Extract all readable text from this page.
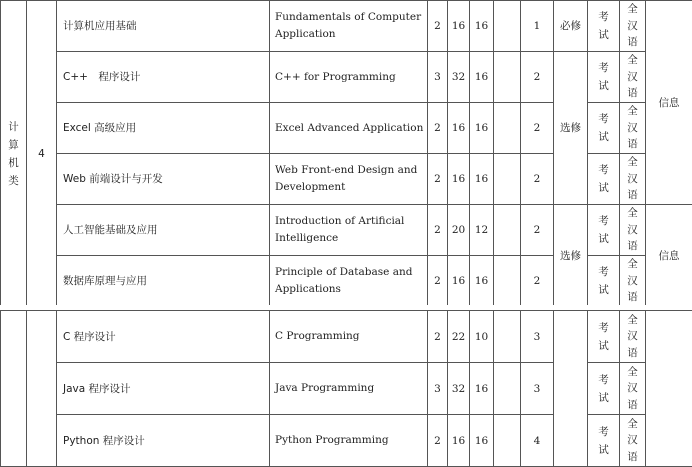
计算机类	4	计算机应用基础	Fundamentals of Computer Application	2	16	16		1	必修	考试	全汉语	信息
		C++　程序设计	C++ for Programming	3	32	16		2	选修	考试	全汉语	

		Excel 高级应用	Excel Advanced Application	2	16	16		2		考试	全汉语	

		Web 前端设计与开发	Web Front-end Design and Development	2	16	16		2		考试	全汉语	

		人工智能基础及应用	Introduction of Artificial Intelligence	2	20	12		2	选修	考试	全汉语	信息
		数据库原理与应用	Principle of Database and Applications	2	16	16		2		考试	全汉语	
		C 程序设计	C Programming	2	22	10		3		考试	全汉语	

		Java 程序设计	Java Programming	3	32	16		3		考试	全汉语	

		Python 程序设计	Python Programming	2	16	16		4		考试	全汉语	
